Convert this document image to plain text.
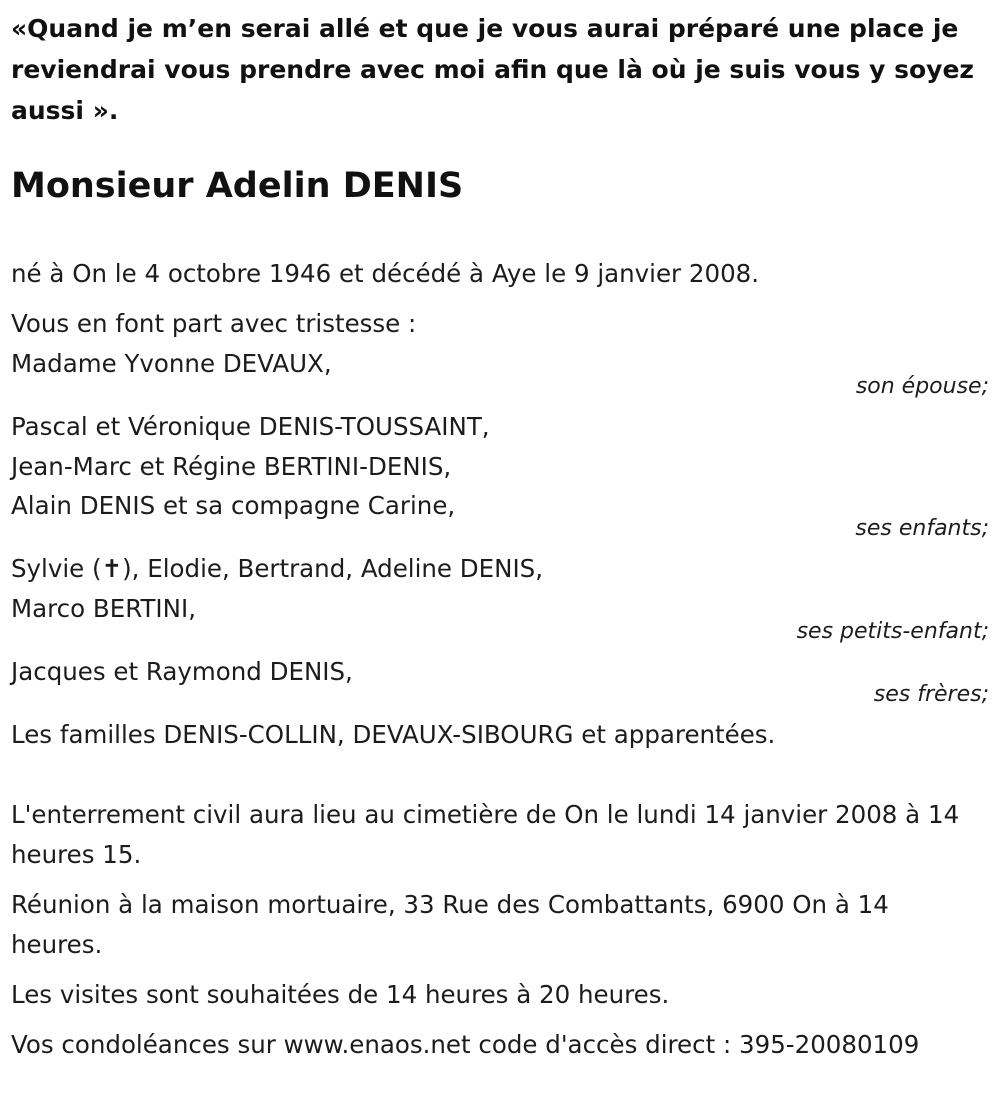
«Quand je m’en serai allé et que je vous aurai préparé une place je reviendrai vous prendre avec moi afin que là où je suis vous y soyez aussi ».
Monsieur Adelin DENIS
né à On le 4 octobre 1946 et décédé à Aye le 9 janvier 2008.
Vous en font part avec tristesse :
Madame Yvonne DEVAUX,
son épouse;
Pascal et Véronique DENIS-TOUSSAINT,
Jean-Marc et Régine BERTINI-DENIS,
Alain DENIS et sa compagne Carine,
ses enfants;
Sylvie (✝), Elodie, Bertrand, Adeline DENIS,
Marco BERTINI,
ses petits-enfant;
Jacques et Raymond DENIS,
ses frères;
Les familles DENIS-COLLIN, DEVAUX-SIBOURG et apparentées.
L'enterrement civil aura lieu au cimetière de On le lundi 14 janvier 2008 à 14 heures 15.
Réunion à la maison mortuaire, 33 Rue des Combattants, 6900 On à 14 heures.
Les visites sont souhaitées de 14 heures à 20 heures.
Vos condoléances sur www.enaos.net code d'accès direct : 395-20080109
